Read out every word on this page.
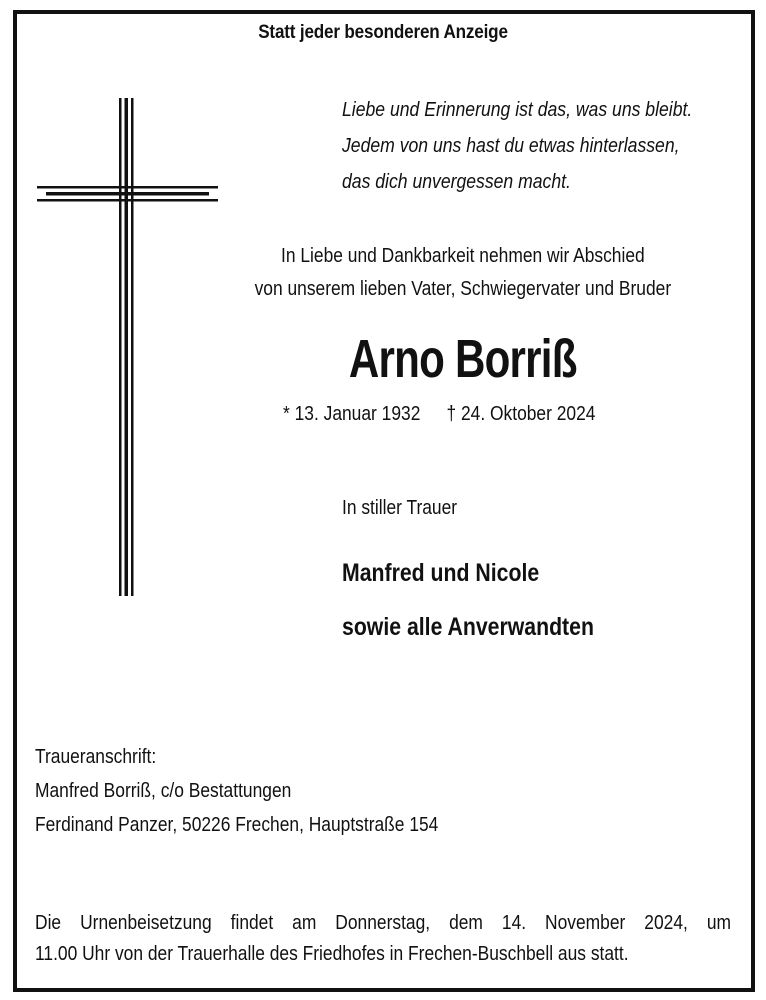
Statt jeder besonderen Anzeige
Liebe und Erinnerung ist das, was uns bleibt.
Jedem von uns hast du etwas hinterlassen,
das dich unvergessen macht.
In Liebe und Dankbarkeit nehmen wir Abschied
von unserem lieben Vater, Schwiegervater und Bruder
Arno Borriß
* 13. Januar 1932 † 24. Oktober 2024
In stiller Trauer
Manfred und Nicole
sowie alle Anverwandten
Traueranschrift:
Manfred Borriß, c/o Bestattungen
Ferdinand Panzer, 50226 Frechen, Hauptstraße 154
Die Urnenbeisetzung findet am Donnerstag, dem 14. November 2024, um
11.00 Uhr von der Trauerhalle des Friedhofes in Frechen-Buschbell aus statt.
